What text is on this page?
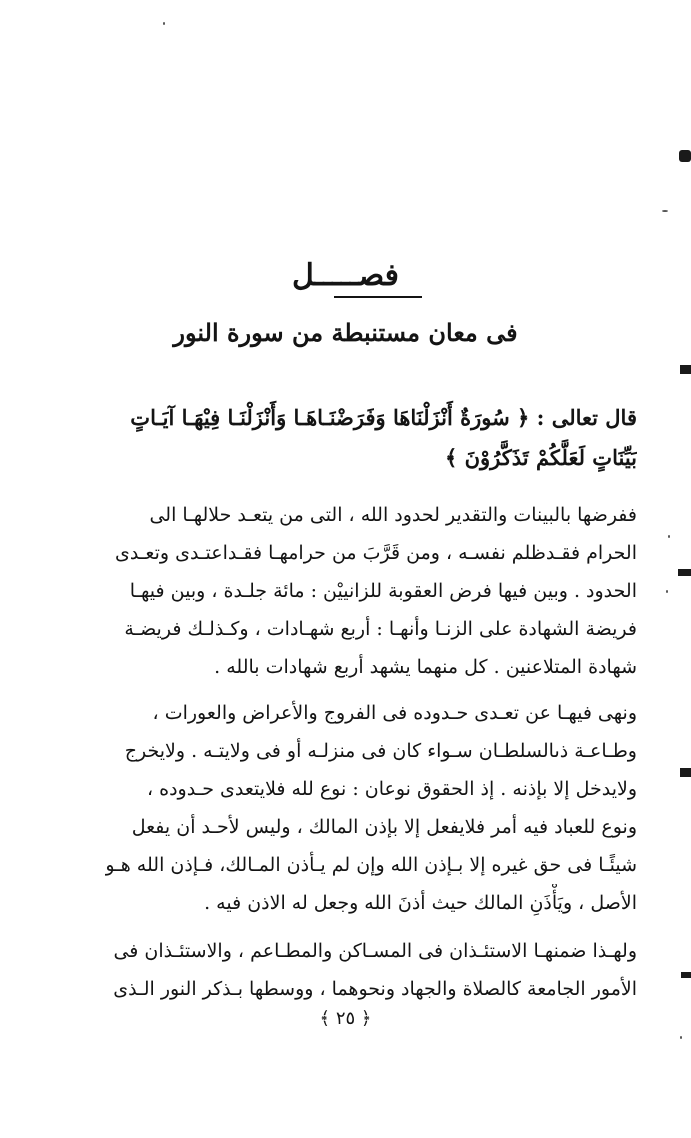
فصـــــل
فى معان مستنبطة من سورة النور
قال تعالى : ﴿ سُورَةٌ أَنْزَلْنَاهَا وَفَرَضْنَـاهَـا وَأَنْزَلْنَـا فِيْهَـا آيَـاتٍ
بَيِّنَاتٍ لَعَلَّكُمْ تَذَكَّرُوْنَ ﴾
ففرضها بالبينات والتقدير لحدود الله ، التى من يتعـد حلالهـا الى
الحرام فقـدظلم نفسـه ، ومن قَرَّبَ من حرامهـا فقـداعتـدى وتعـدى
الحدود . وبين فيها فرض العقوبة للزانييْن : مائة جلـدة ، وبين فيهـا
فريضة الشهادة على الزنـا وأنهـا : أربع شهـادات ، وكـذلـك فريضـة
شهادة المتلاعنين . كل منهما يشهد أربع شهادات بالله .
ونهى فيهـا عن تعـدى حـدوده فى الفروج والأعراض والعورات ،
وطـاعـة ذىالسلطـان سـواء كان فى منزلـه أو فى ولايتـه . ولايخرج
ولايدخل إلا بإذنه . إذ الحقوق نوعان : نوع لله فلايتعدى حـدوده ،
ونوع للعباد فيه أمر فلايفعل إلا بإذن المالك ، وليس لأحـد أن يفعل
شيئًـا فى حق غيره إلا بـإذن الله وإن لم يـأذن المـالك، فـإذن الله هـو
الأصل ، ويَأْذَنِ المالك حيث أذنَ الله وجعل له الاذن فيه .
ولهـذا ضمنهـا الاستئـذان فى المسـاكن والمطـاعم ، والاستئـذان فى
الأمور الجامعة كالصلاة والجهاد ونحوهما ، ووسطها بـذكر النور الـذى
﴿ ٢٥ ﴾
